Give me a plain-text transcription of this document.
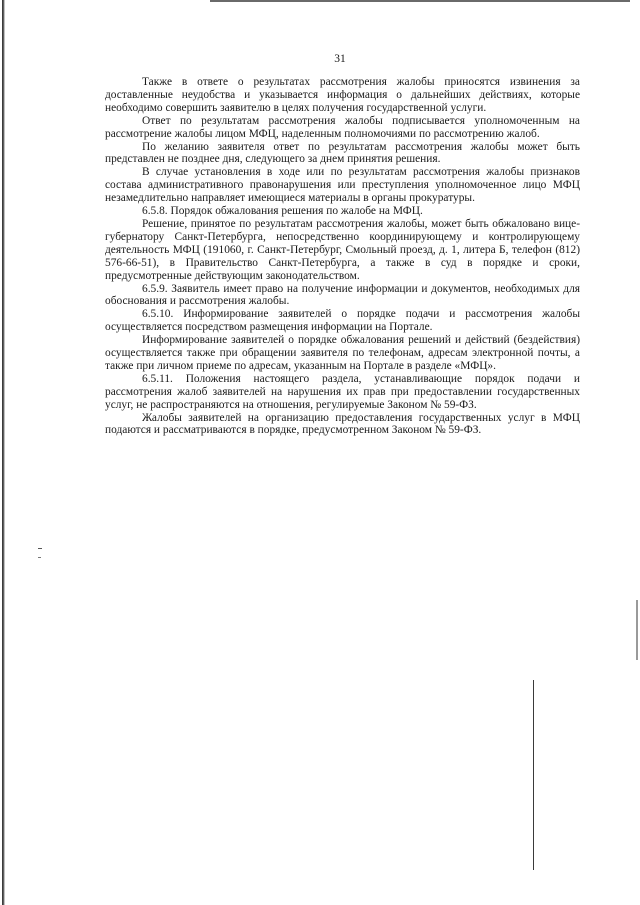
31

Также в ответе о результатах рассмотрения жалобы приносятся извинения за доставленные неудобства и указывается информация о дальнейших действиях, которые необходимо совершить заявителю в целях получения государственной услуги.

Ответ по результатам рассмотрения жалобы подписывается уполномоченным на рассмотрение жалобы лицом МФЦ, наделенным полномочиями по рассмотрению жалоб.

По желанию заявителя ответ по результатам рассмотрения жалобы может быть представлен не позднее дня, следующего за днем принятия решения.

В случае установления в ходе или по результатам рассмотрения жалобы признаков состава административного правонарушения или преступления уполномоченное лицо МФЦ незамедлительно направляет имеющиеся материалы в органы прокуратуры.

6.5.8. Порядок обжалования решения по жалобе на МФЦ.

Решение, принятое по результатам рассмотрения жалобы, может быть обжаловано вице-губернатору Санкт-Петербурга, непосредственно координирующему и контролирующему деятельность МФЦ (191060, г. Санкт-Петербург, Смольный проезд, д. 1, литера Б, телефон (812) 576-66-51), в Правительство Санкт-Петербурга, а также в суд в порядке и сроки, предусмотренные действующим законодательством.

6.5.9. Заявитель имеет право на получение информации и документов, необходимых для обоснования и рассмотрения жалобы.

6.5.10. Информирование заявителей о порядке подачи и рассмотрения жалобы осуществляется посредством размещения информации на Портале.

Информирование заявителей о порядке обжалования решений и действий (бездействия) осуществляется также при обращении заявителя по телефонам, адресам электронной почты, а также при личном приеме по адресам, указанным на Портале в разделе «МФЦ».

6.5.11. Положения настоящего раздела, устанавливающие порядок подачи и рассмотрения жалоб заявителей на нарушения их прав при предоставлении государственных услуг, не распространяются на отношения, регулируемые Законом № 59-ФЗ.

Жалобы заявителей на организацию предоставления государственных услуг в МФЦ подаются и рассматриваются в порядке, предусмотренном Законом № 59-ФЗ.
